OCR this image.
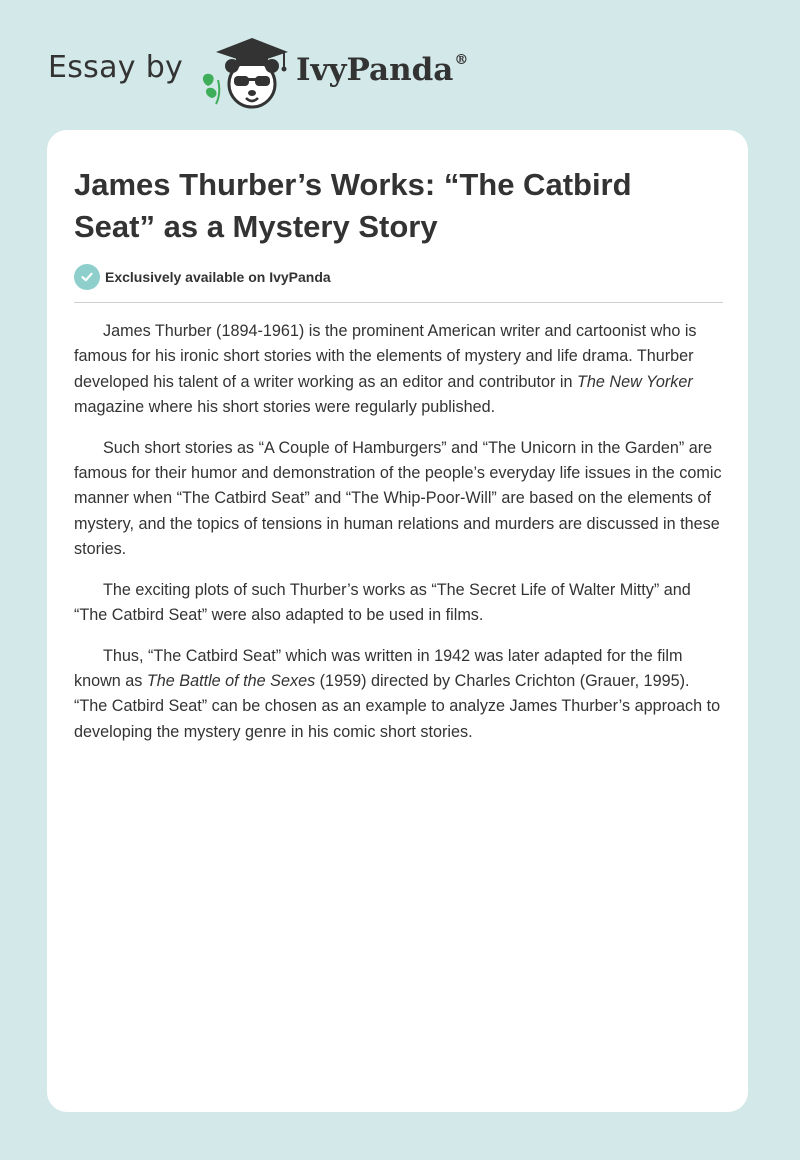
Essay by	IvyPanda®
James Thurber’s Works: “The Catbird Seat” as a Mystery Story
Exclusively available on IvyPanda

James Thurber (1894-1961) is the prominent American writer and cartoonist who is famous for his ironic short stories with the elements of mystery and life drama. Thurber developed his talent of a writer working as an editor and contributor in The New Yorker magazine where his short stories were regularly published.

Such short stories as “A Couple of Hamburgers” and “The Unicorn in the Garden” are famous for their humor and demonstration of the people’s everyday life issues in the comic manner when “The Catbird Seat” and “The Whip-Poor-Will” are based on the elements of mystery, and the topics of tensions in human relations and murders are discussed in these stories.

The exciting plots of such Thurber’s works as “The Secret Life of Walter Mitty” and “The Catbird Seat” were also adapted to be used in films.

Thus, “The Catbird Seat” which was written in 1942 was later adapted for the film known as The Battle of the Sexes (1959) directed by Charles Crichton (Grauer, 1995). “The Catbird Seat” can be chosen as an example to analyze James Thurber’s approach to developing the mystery genre in his comic short stories.
